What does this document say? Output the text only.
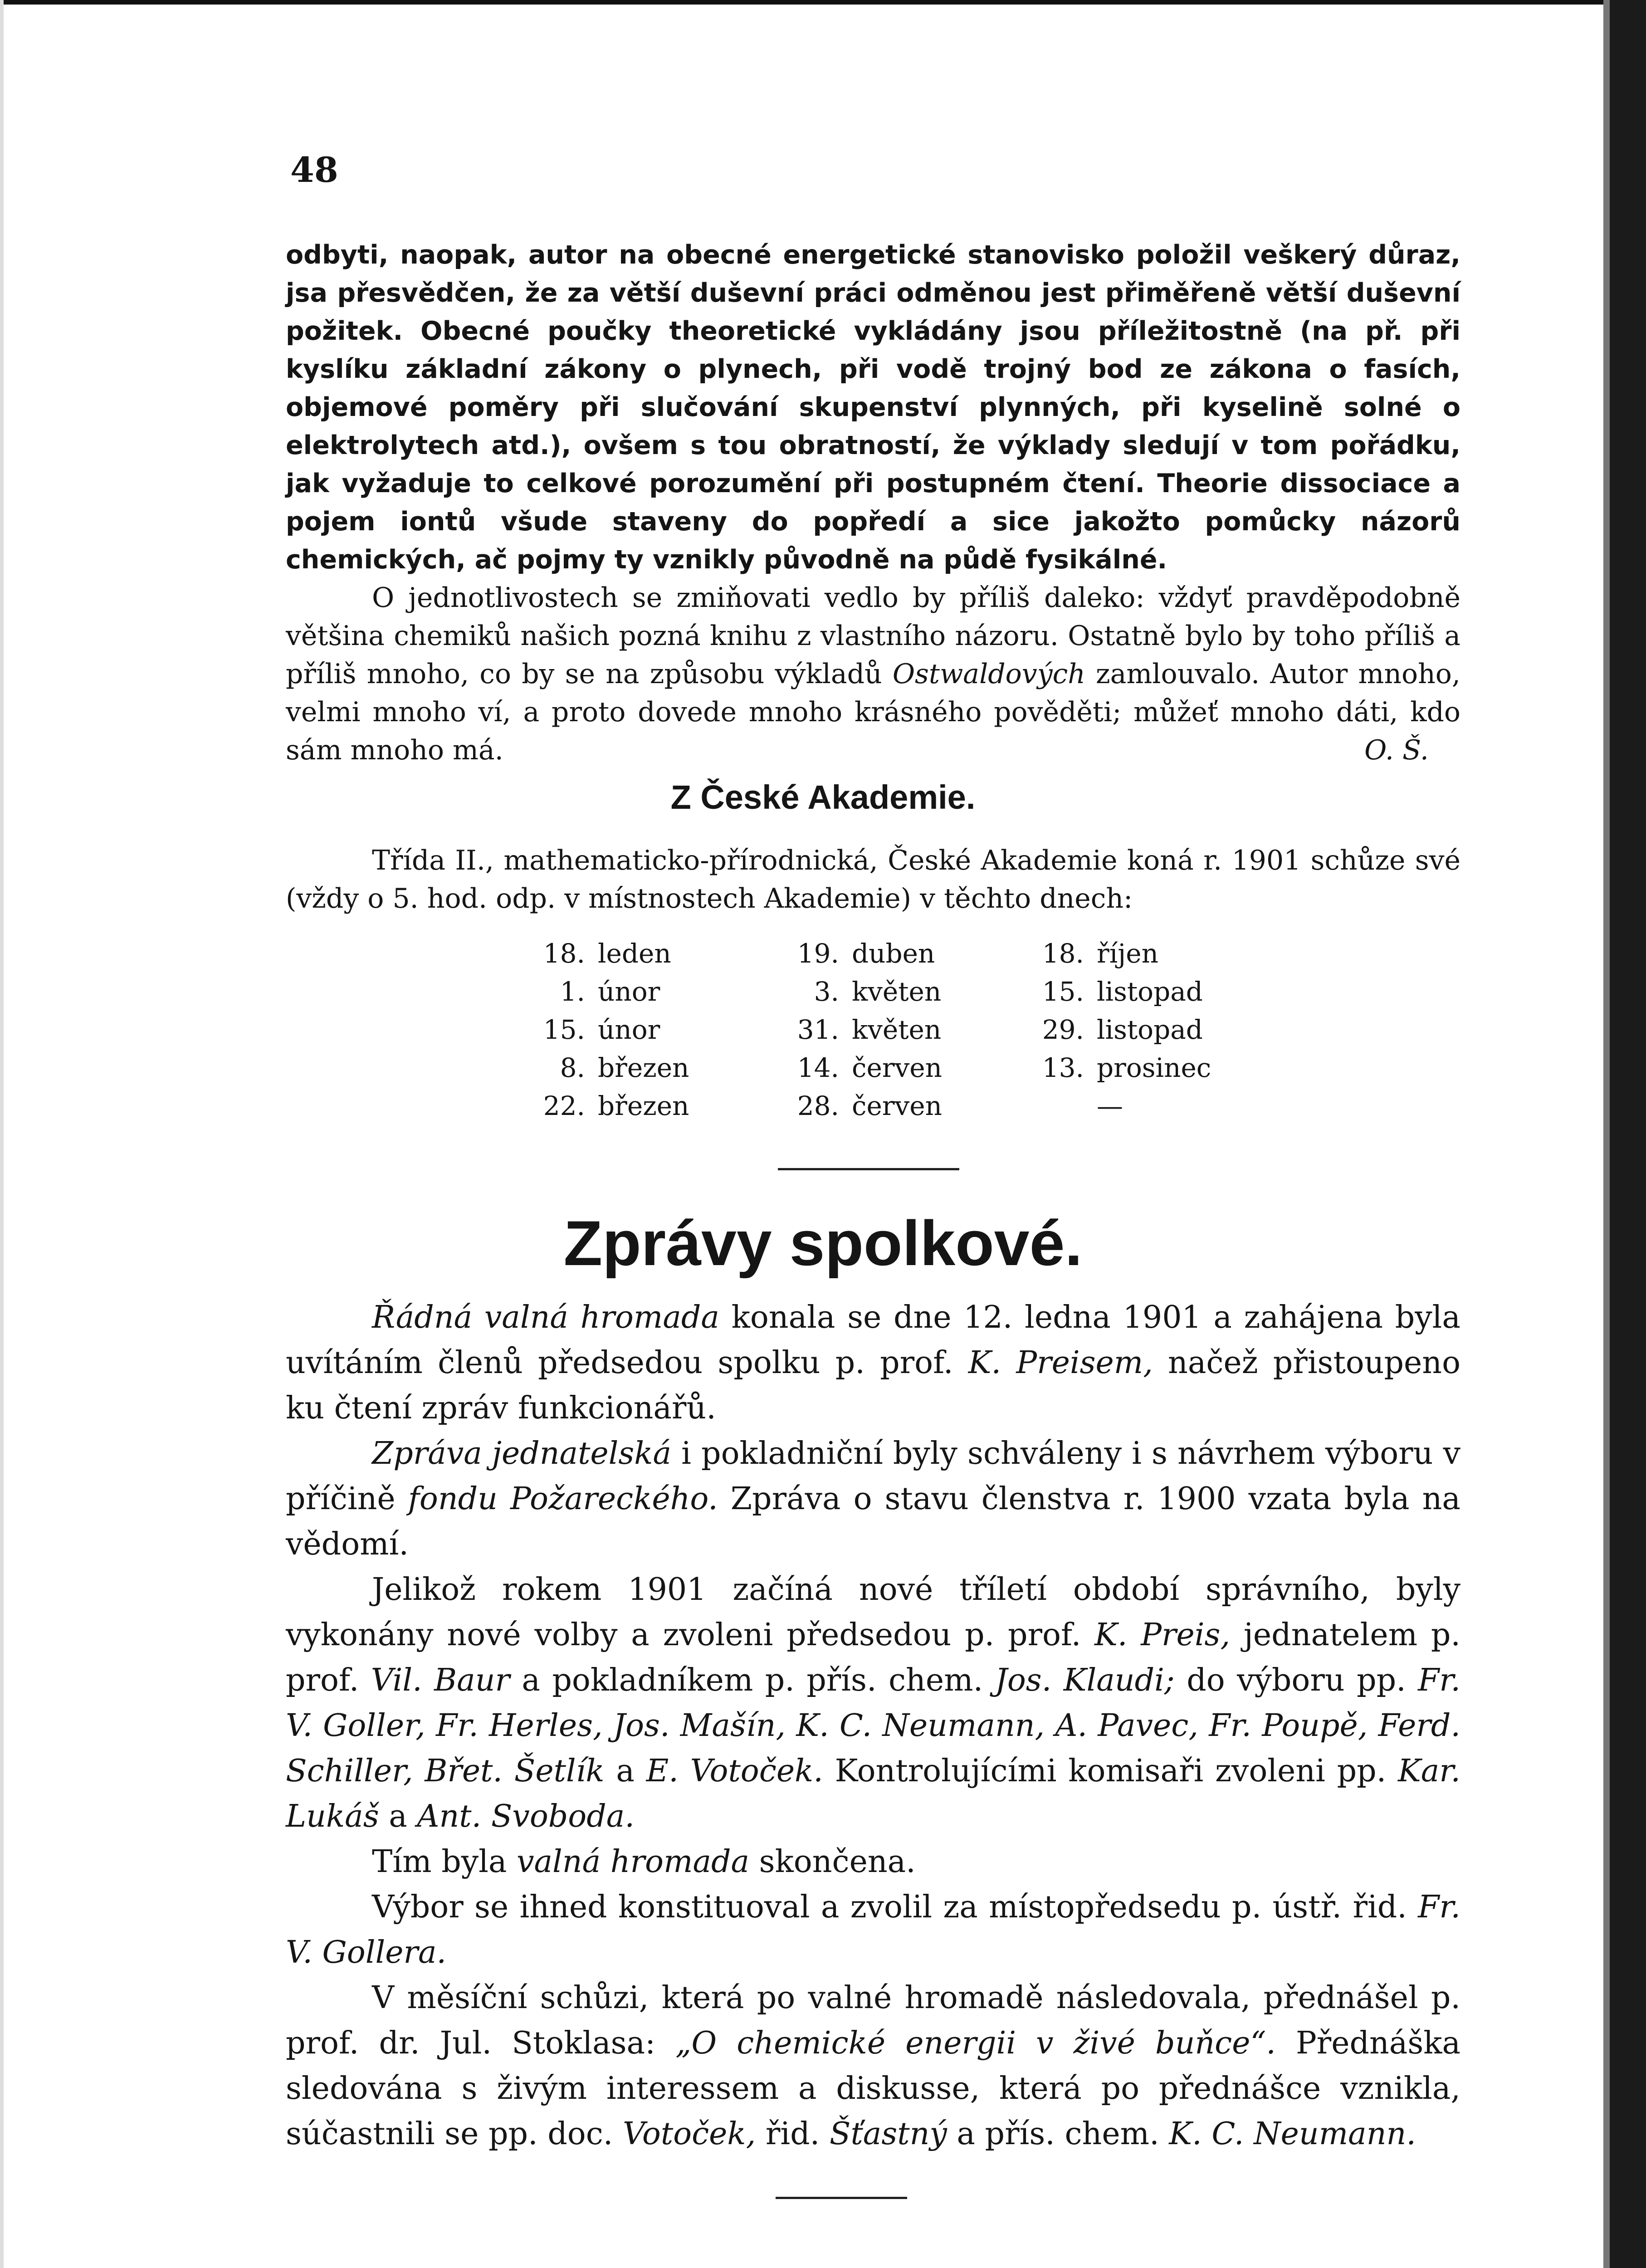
48

odbyti, naopak, autor na obecné energetické stanovisko položil veškerý důraz, jsa přesvědčen, že za větší duševní práci odměnou jest přiměřeně větší duševní požitek. Obecné poučky theoretické vykládány jsou příležitostně (na př. při kyslíku základní zákony o plynech, při vodě trojný bod ze zákona o fasích, objemové poměry při slučování skupenství plynných, při kyselině solné o elektrolytech atd.), ovšem s tou obratností, že výklady sledují v tom pořádku, jak vyžaduje to celkové porozumění při postupném čtení. Theorie dissociace a pojem iontů všude staveny do popředí a sice jakožto pomůcky názorů chemických, ač pojmy ty vznikly původně na půdě fysikálné.

O jednotlivostech se zmiňovati vedlo by příliš daleko: vždyť pravděpodobně většina chemiků našich pozná knihu z vlastního názoru. Ostatně bylo by toho příliš a příliš mnoho, co by se na způsobu výkladů Ostwaldových zamlouvalo. Autor mnoho, velmi mnoho ví, a proto dovede mnoho krásného pověděti; můžeť mnoho dáti, kdo sám mnoho má.	O. Š.

Z České Akademie.

Třída II., mathematicko-přírodnická, České Akademie koná r. 1901 schůze své (vždy o 5. hod. odp. v místnostech Akademie) v těchto dnech:

18. leden
1. únor
15. únor
8. březen
22. březen
19. duben
3. květen
31. květen
14. červen
28. červen
18. říjen
15. listopad
29. listopad
13. prosinec
—
Zprávy spolkové.

Řádná valná hromada konala se dne 12. ledna 1901 a zahájena byla uvítáním členů předsedou spolku p. prof. K. Preisem, načež přistoupeno ku čtení zpráv funkcionářů.

Zpráva jednatelská i pokladniční byly schváleny i s návrhem výboru v příčině fondu Požareckého. Zpráva o stavu členstva r. 1900 vzata byla na vědomí.

Jelikož rokem 1901 začíná nové tříletí období správního, byly vykonány nové volby a zvoleni předsedou p. prof. K. Preis, jednatelem p. prof. Vil. Baur a pokladníkem p. přís. chem. Jos. Klaudi; do výboru pp. Fr. V. Goller, Fr. Herles, Jos. Mašín, K. C. Neumann, A. Pavec, Fr. Poupě, Ferd. Schiller, Břet. Šetlík a E. Votoček. Kontrolujícími komisaři zvoleni pp. Kar. Lukáš a Ant. Svoboda.

Tím byla valná hromada skončena.

Výbor se ihned konstituoval a zvolil za místopředsedu p. ústř. řid. Fr. V. Gollera.

V měsíční schůzi, která po valné hromadě následovala, přednášel p. prof. dr. Jul. Stoklasa: „O chemické energii v živé buňce“. Přednáška sledována s živým interessem a diskusse, která po přednášce vznikla, súčastnili se pp. doc. Votoček, řid. Šťastný a přís. chem. K. C. Neumann.
